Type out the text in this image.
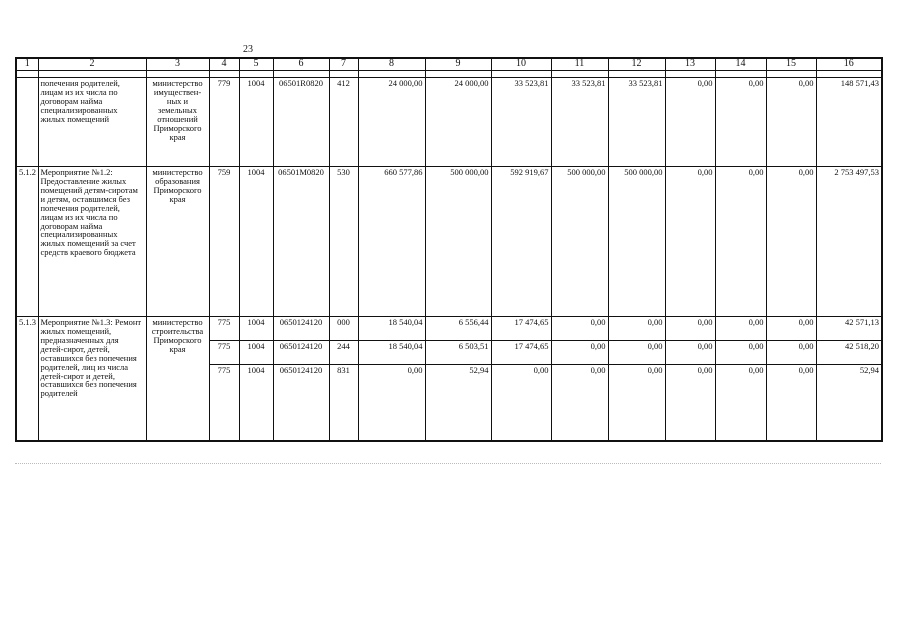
23
1	2	3	4	5	6	7	8	9	10	11	12	13	14	15	16

	попечения родителей, лицам из их числа по договорам найма специализированных жилых помещений	министерство имуществен-ных и земельных отношений Приморского края	779	1004	06501R0820	412	24 000,00	24 000,00	33 523,81	33 523,81	33 523,81	0,00	0,00	0,00	148 571,43
5.1.2	Мероприятие №1.2: Предоставление жилых помещений детям-сиротам и детям, оставшимся без попечения родителей, лицам из их числа по договорам найма специализированных жилых помещений за счет средств краевого бюджета	министерство образования Приморского края	759	1004	06501M0820	530	660 577,86	500 000,00	592 919,67	500 000,00	500 000,00	0,00	0,00	0,00	2 753 497,53
5.1.3	Мероприятие №1.3: Ремонт жилых помещений, предназначенных для детей-сирот, детей, оставшихся без попечения родителей, лиц из числа детей-сирот и детей, оставшихся без попечения родителей	министерство строительства Приморского края	775	1004	0650124120	000	18 540,04	6 556,44	17 474,65	0,00	0,00	0,00	0,00	0,00	42 571,13
			775	1004	0650124120	244	18 540,04	6 503,51	17 474,65	0,00	0,00	0,00	0,00	0,00	42 518,20
			775	1004	0650124120	831	0,00	52,94	0,00	0,00	0,00	0,00	0,00	0,00	52,94
